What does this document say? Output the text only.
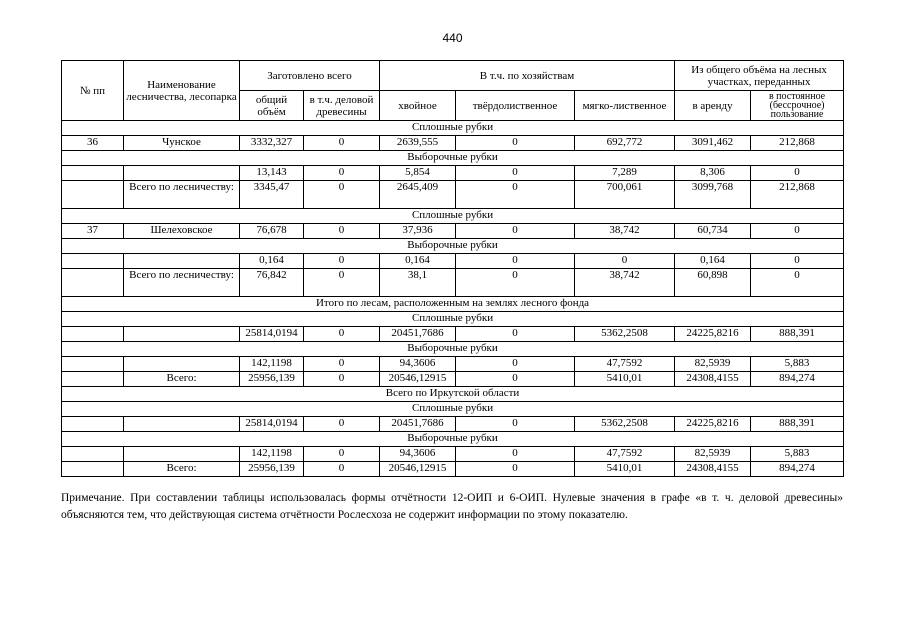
440
№ пп	Наименование лесничества, лесопарка	Заготовлено всего		В т.ч. по хозяйствам			Из общего объёма на лесных участках, переданных	
		общий объём	в т.ч. деловой древесины	хвойное	твёрдолиственное	мягко-лиственное	в аренду	в постоянное (бессрочное) пользование
Сплошные рубки								
36	Чунское	3332,327	0	2639,555	0	692,772	3091,462	212,868
Выборочные рубки								
		13,143	0	5,854	0	7,289	8,306	0
	Всего по лесничеству:	3345,47	0	2645,409	0	700,061	3099,768	212,868
Сплошные рубки								
37	Шелеховское	76,678	0	37,936	0	38,742	60,734	0
Выборочные рубки								
		0,164	0	0,164	0	0	0,164	0
	Всего по лесничеству:	76,842	0	38,1	0	38,742	60,898	0
Итого по лесам, расположенным на землях лесного фонда								
Сплошные рубки								
		25814,0194	0	20451,7686	0	5362,2508	24225,8216	888,391
Выборочные рубки								
		142,1198	0	94,3606	0	47,7592	82,5939	5,883
	Всего:	25956,139	0	20546,12915	0	5410,01	24308,4155	894,274
Всего по Иркутской области								
Сплошные рубки								
		25814,0194	0	20451,7686	0	5362,2508	24225,8216	888,391
Выборочные рубки								
		142,1198	0	94,3606	0	47,7592	82,5939	5,883
	Всего:	25956,139	0	20546,12915	0	5410,01	24308,4155	894,274
Примечание. При составлении таблицы использовалась формы отчётности 12-ОИП и 6-ОИП. Нулевые значения в графе «в т. ч. деловой древесины» объясняются тем, что действующая система отчётности Рослесхоза не содержит информации по этому показателю.
